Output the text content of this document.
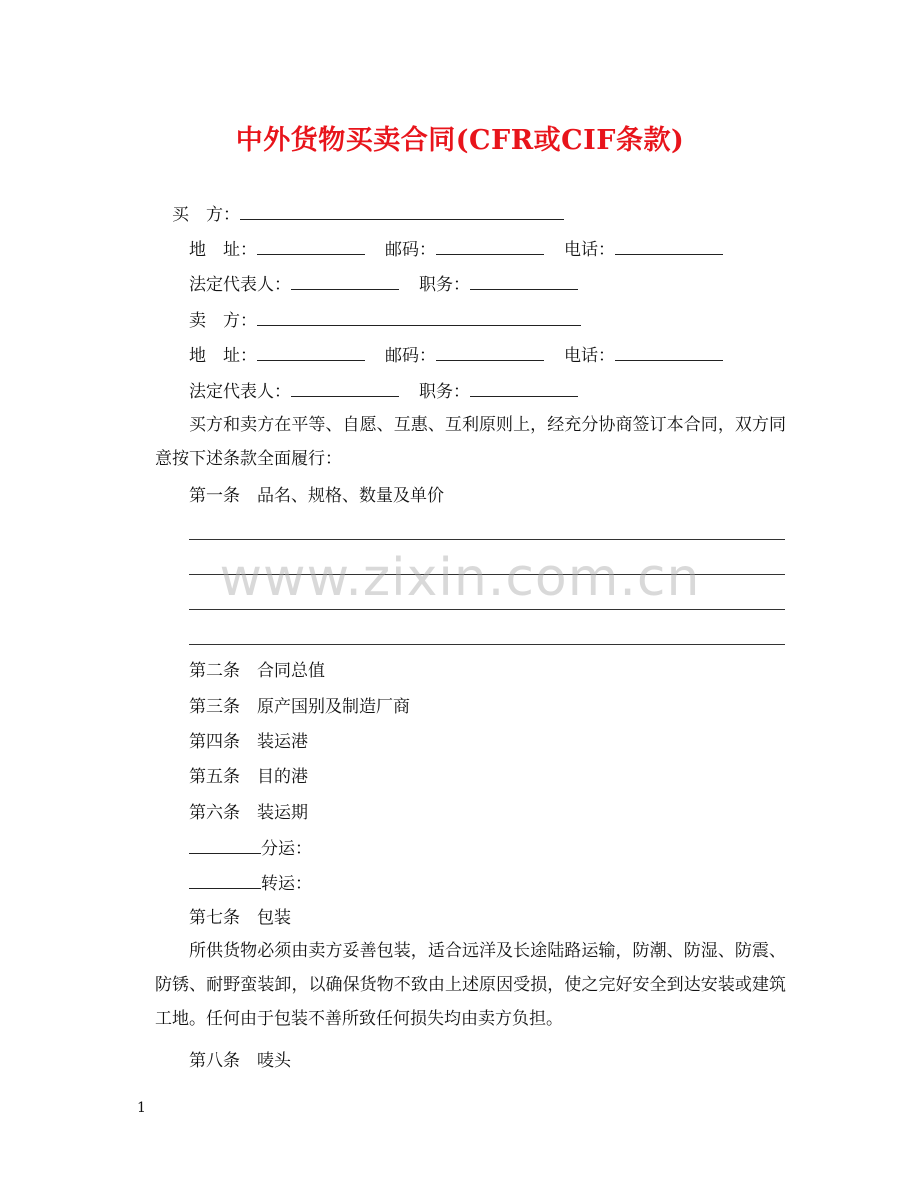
中外货物买卖合同(CFR或CIF条款)
买　方：
地　址：	邮码：	电话：
法定代表人：	职务：
卖　方：
地　址：	邮码：	电话：
法定代表人：	职务：
买方和卖方在平等、自愿、互惠、互利原则上，经充分协商签订本合同，双方同意按下述条款全面履行：
第一条　品名、规格、数量及单价
www.zixin.com.cn
第二条　合同总值
第三条　原产国别及制造厂商
第四条　装运港
第五条　目的港
第六条　装运期
分运：
转运：
第七条　包装
所供货物必须由卖方妥善包装，适合远洋及长途陆路运输，防潮、防湿、防震、防锈、耐野蛮装卸，以确保货物不致由上述原因受损，使之完好安全到达安装或建筑工地。任何由于包装不善所致任何损失均由卖方负担。
第八条　唛头
1
